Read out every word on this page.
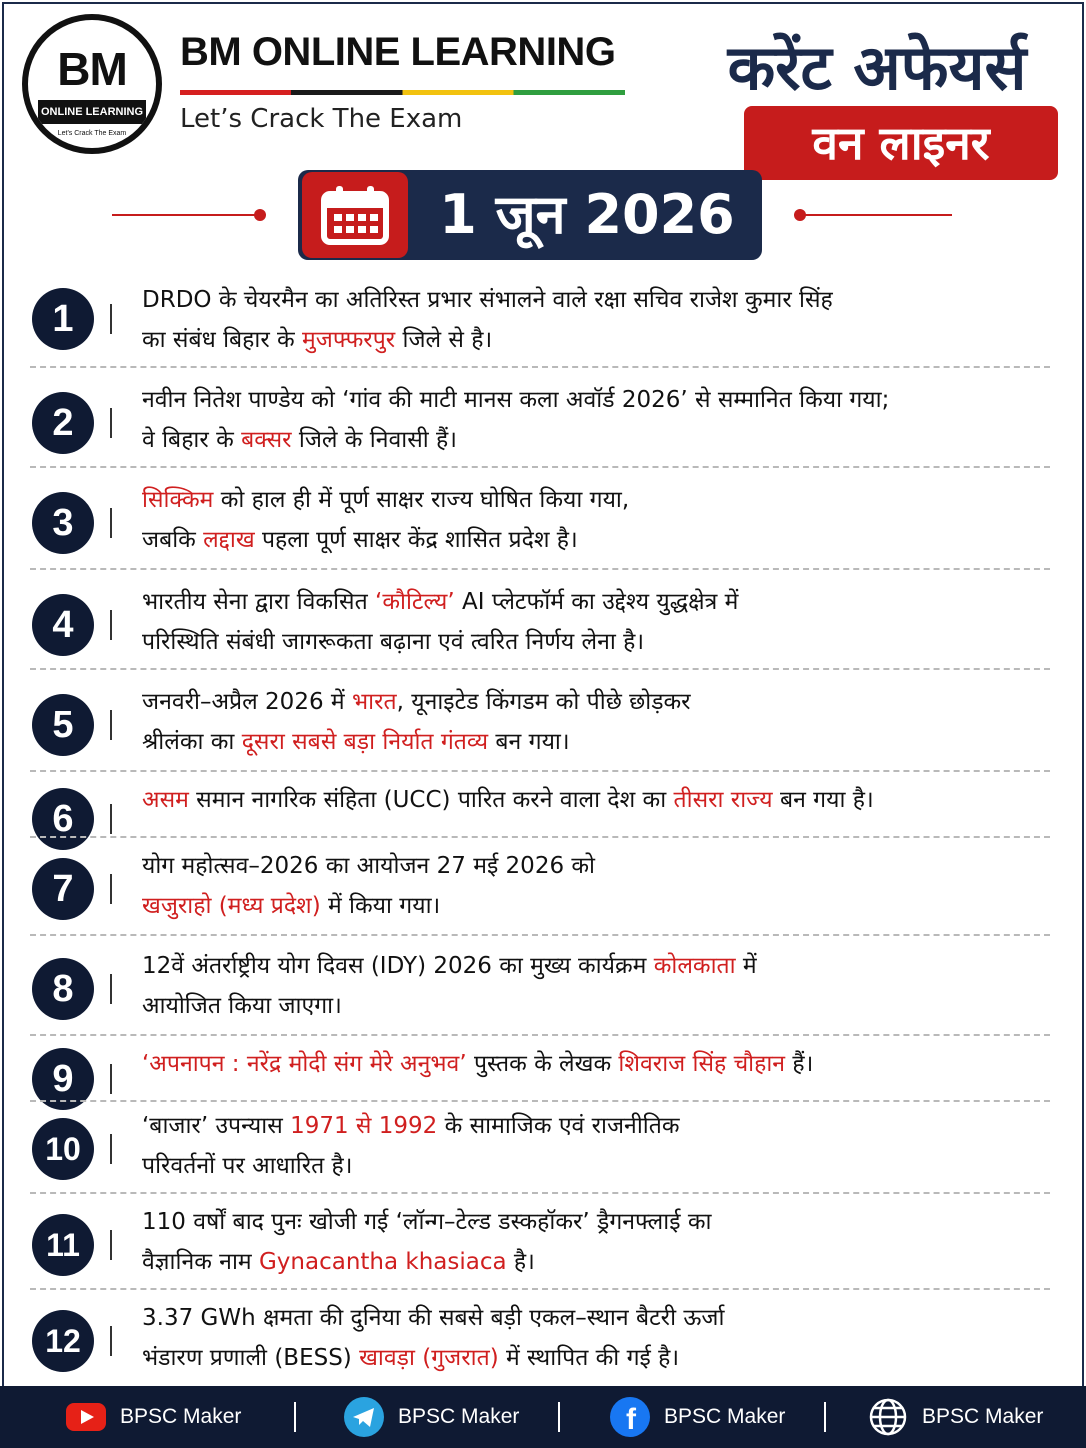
BM
ONLINE LEARNING
Let's Crack The Exam
BM ONLINE LEARNING
Let’s Crack The Exam
करेंट अफेयर्स
वन लाइनर
1 जून 2026
1	DRDO के चेयरमैन का अतिरिस्त प्रभार संभालने वाले रक्षा सचिव राजेश कुमार सिंह
का संबंध बिहार के मुजफ्फरपुर जिले से है।
2
नवीन नितेश पाण्डेय को ‘गांव की माटी मानस कला अवॉर्ड 2026’ से सम्मानित किया गया;
वे बिहार के बक्सर जिले के निवासी हैं।
3
सिक्किम को हाल ही में पूर्ण साक्षर राज्य घोषित किया गया,
जबकि लद्दाख पहला पूर्ण साक्षर केंद्र शासित प्रदेश है।
4
भारतीय सेना द्वारा विकसित ‘कौटिल्य’ AI प्लेटफॉर्म का उद्देश्य युद्धक्षेत्र में
परिस्थिति संबंधी जागरूकता बढ़ाना एवं त्वरित निर्णय लेना है।
5
जनवरी–अप्रैल 2026 में भारत, यूनाइटेड किंगडम को पीछे छोड़कर
श्रीलंका का दूसरा सबसे बड़ा निर्यात गंतव्य बन गया।
6	असम समान नागरिक संहिता (UCC) पारित करने वाला देश का तीसरा राज्य बन गया है।
7
योग महोत्सव–2026 का आयोजन 27 मई 2026 को
खजुराहो (मध्य प्रदेश) में किया गया।
8
12वें अंतर्राष्ट्रीय योग दिवस (IDY) 2026 का मुख्य कार्यक्रम कोलकाता में
आयोजित किया जाएगा।
9	‘अपनापन : नरेंद्र मोदी संग मेरे अनुभव’ पुस्तक के लेखक शिवराज सिंह चौहान हैं।
10
‘बाजार’ उपन्यास 1971 से 1992 के सामाजिक एवं राजनीतिक
परिवर्तनों पर आधारित है।
11
110 वर्षों बाद पुनः खोजी गई ‘लॉन्ग–टेल्ड डस्कहॉकर’ ड्रैगनफ्लाई का
वैज्ञानिक नाम Gynacantha khasiaca है।
12
3.37 GWh क्षमता की दुनिया की सबसे बड़ी एकल–स्थान बैटरी ऊर्जा
भंडारण प्रणाली (BESS) खावड़ा (गुजरात) में स्थापित की गई है।
BPSC Maker	BPSC Maker	f BPSC Maker	BPSC Maker
